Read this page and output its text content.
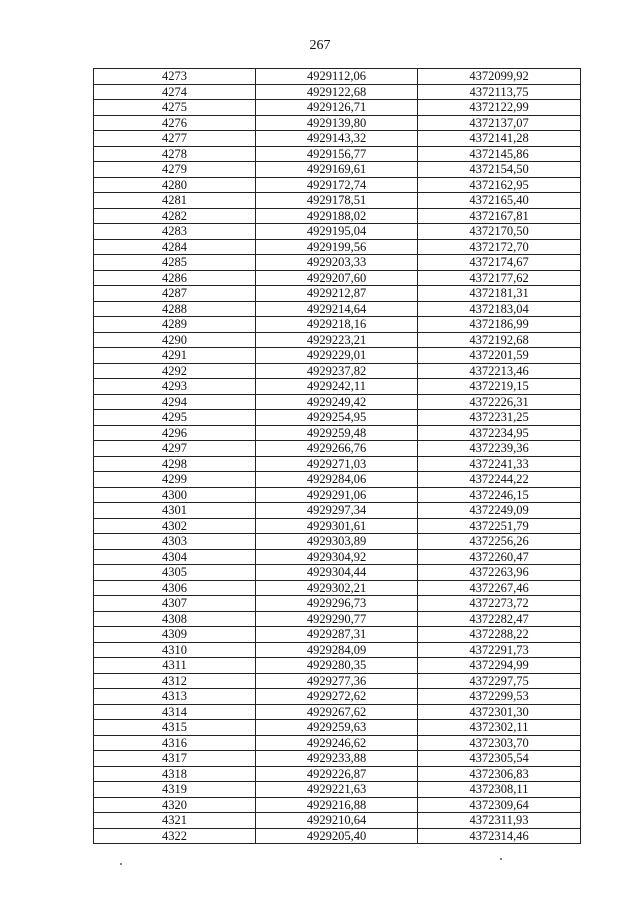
267
4273	4929112,06	4372099,92
4274	4929122,68	4372113,75
4275	4929126,71	4372122,99
4276	4929139,80	4372137,07
4277	4929143,32	4372141,28
4278	4929156,77	4372145,86
4279	4929169,61	4372154,50
4280	4929172,74	4372162,95
4281	4929178,51	4372165,40
4282	4929188,02	4372167,81
4283	4929195,04	4372170,50
4284	4929199,56	4372172,70
4285	4929203,33	4372174,67
4286	4929207,60	4372177,62
4287	4929212,87	4372181,31
4288	4929214,64	4372183,04
4289	4929218,16	4372186,99
4290	4929223,21	4372192,68
4291	4929229,01	4372201,59
4292	4929237,82	4372213,46
4293	4929242,11	4372219,15
4294	4929249,42	4372226,31
4295	4929254,95	4372231,25
4296	4929259,48	4372234,95
4297	4929266,76	4372239,36
4298	4929271,03	4372241,33
4299	4929284,06	4372244,22
4300	4929291,06	4372246,15
4301	4929297,34	4372249,09
4302	4929301,61	4372251,79
4303	4929303,89	4372256,26
4304	4929304,92	4372260,47
4305	4929304,44	4372263,96
4306	4929302,21	4372267,46
4307	4929296,73	4372273,72
4308	4929290,77	4372282,47
4309	4929287,31	4372288,22
4310	4929284,09	4372291,73
4311	4929280,35	4372294,99
4312	4929277,36	4372297,75
4313	4929272,62	4372299,53
4314	4929267,62	4372301,30
4315	4929259,63	4372302,11
4316	4929246,62	4372303,70
4317	4929233,88	4372305,54
4318	4929226,87	4372306,83
4319	4929221,63	4372308,11
4320	4929216,88	4372309,64
4321	4929210,64	4372311,93
4322	4929205,40	4372314,46
